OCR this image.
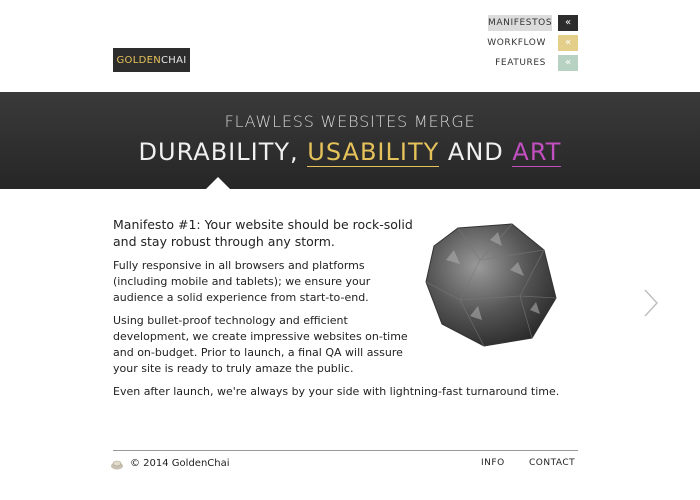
GOLDEN CHAI
MANIFESTOS	«
WORKFLOW	«
FEATURES	«
FLAWLESS WEBSITES MERGE
DURABILITY, USABILITY AND ART

Manifesto #1: Your website should be rock-solid and stay robust through any storm.

Fully responsive in all browsers and platforms (including mobile and tablets); we ensure your audience a solid experience from start-to-end.

Using bullet-proof technology and efficient development, we create impressive websites on-time and on-budget. Prior to launch, a final QA will assure your site is ready to truly amaze the public.

Even after launch, we're always by your side with lightning-fast turnaround time.

© 2014 GoldenChai	INFO	CONTACT
